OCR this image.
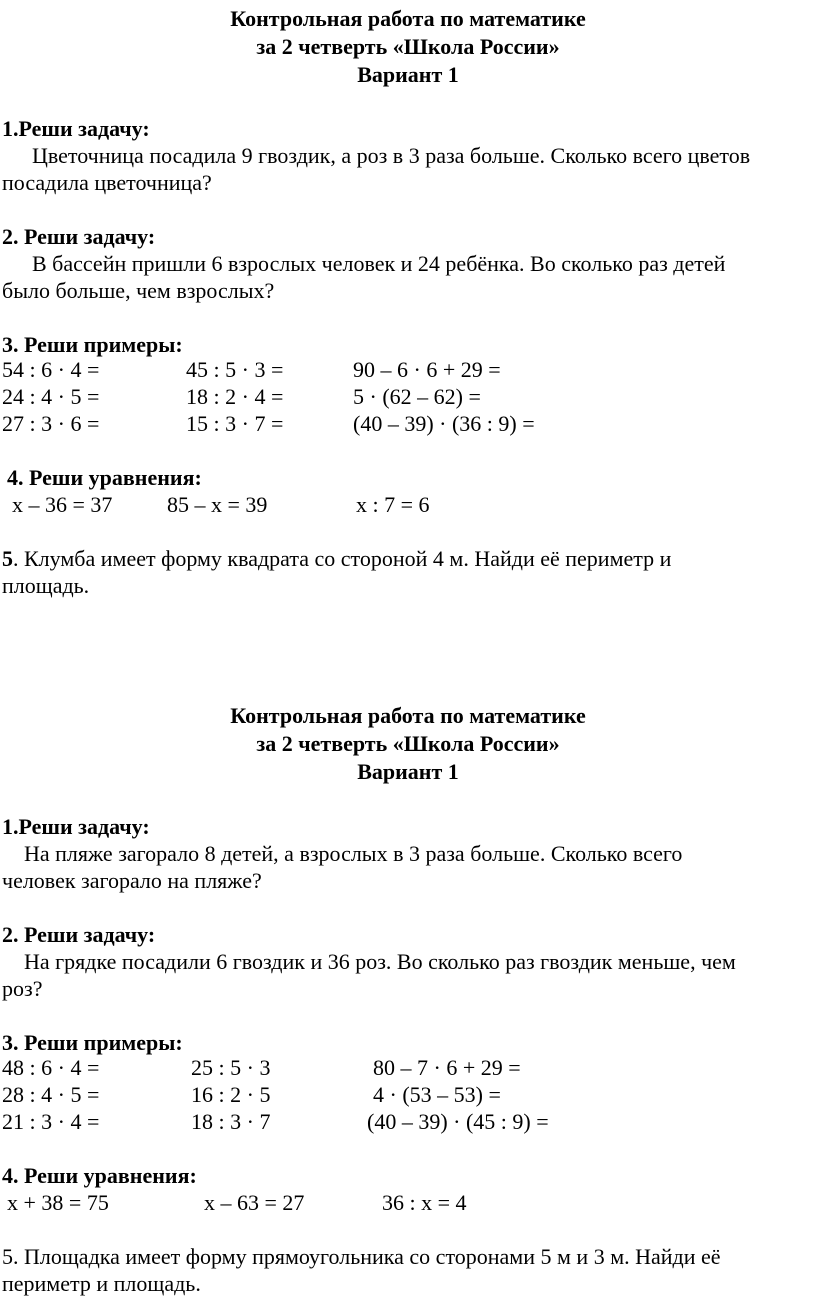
Контрольная работа по математике
за 2 четверть «Школа России»
Вариант 1
1.Реши задачу:
Цветочница посадила 9 гвоздик, а роз в 3 раза больше. Сколько всего цветов
посадила цветочница?
2. Реши задачу:
В бассейн пришли 6 взрослых человек и 24 ребёнка. Во сколько раз детей
было больше, чем взрослых?
3. Реши примеры:
54 : 6 · 4 =	45 : 5 · 3 =	90 – 6 · 6 + 29 =
24 : 4 · 5 =	18 : 2 · 4 =	5 · (62 – 62) =
27 : 3 · 6 =	15 : 3 · 7 =	(40 – 39) · (36 : 9) =
4. Реши уравнения:
x – 36 = 37 85 – x = 39	x : 7 = 6
5. Клумба имеет форму квадрата со стороной 4 м. Найди её периметр и
площадь.
Контрольная работа по математике
за 2 четверть «Школа России»
Вариант 1
1.Реши задачу:
На пляже загорало 8 детей, а взрослых в 3 раза больше. Сколько всего
человек загорало на пляже?
2. Реши задачу:
На грядке посадили 6 гвоздик и 36 роз. Во сколько раз гвоздик меньше, чем
роз?
3. Реши примеры:
48 : 6 · 4 =	25 : 5 · 3	80 – 7 · 6 + 29 =
28 : 4 · 5 =	16 : 2 · 5	4 · (53 – 53) =
21 : 3 · 4 =	18 : 3 · 7	(40 – 39) · (45 : 9) =
4. Реши уравнения:
x + 38 = 75	x – 63 = 27	36 : x = 4
5. Площадка имеет форму прямоугольника со сторонами 5 м и 3 м. Найди её
периметр и площадь.
